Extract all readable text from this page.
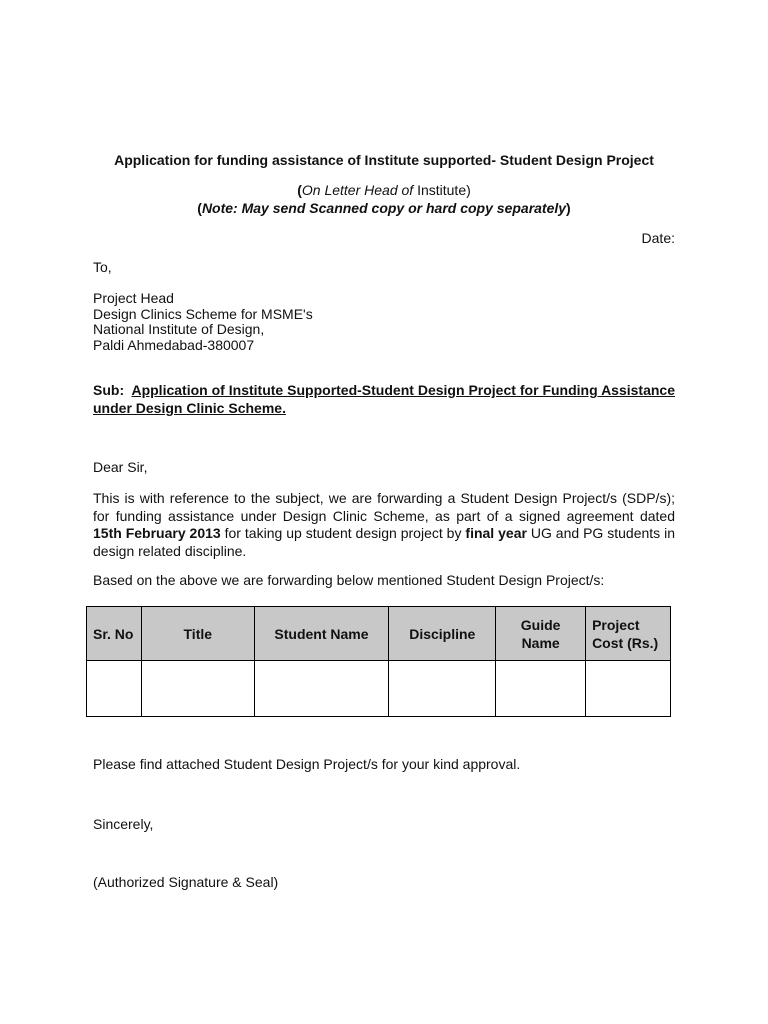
Application for funding assistance of Institute supported- Student Design Project
(On Letter Head of Institute)
(Note: May send Scanned copy or hard copy separately)
Date:
To,
Project Head
Design Clinics Scheme for MSME's
National Institute of Design,
Paldi Ahmedabad-380007
Sub: Application of Institute Supported-Student Design Project for Funding Assistance under Design Clinic Scheme.
Dear Sir,
This is with reference to the subject, we are forwarding a Student Design Project/s (SDP/s); for funding assistance under Design Clinic Scheme, as part of a signed agreement dated 15th February 2013 for taking up student design project by final year UG and PG students in design related discipline.
Based on the above we are forwarding below mentioned Student Design Project/s:
Sr. No	Title	Student Name	Discipline	Guide Name	Project Cost (Rs.)

Please find attached Student Design Project/s for your kind approval.
Sincerely,
(Authorized Signature & Seal)
